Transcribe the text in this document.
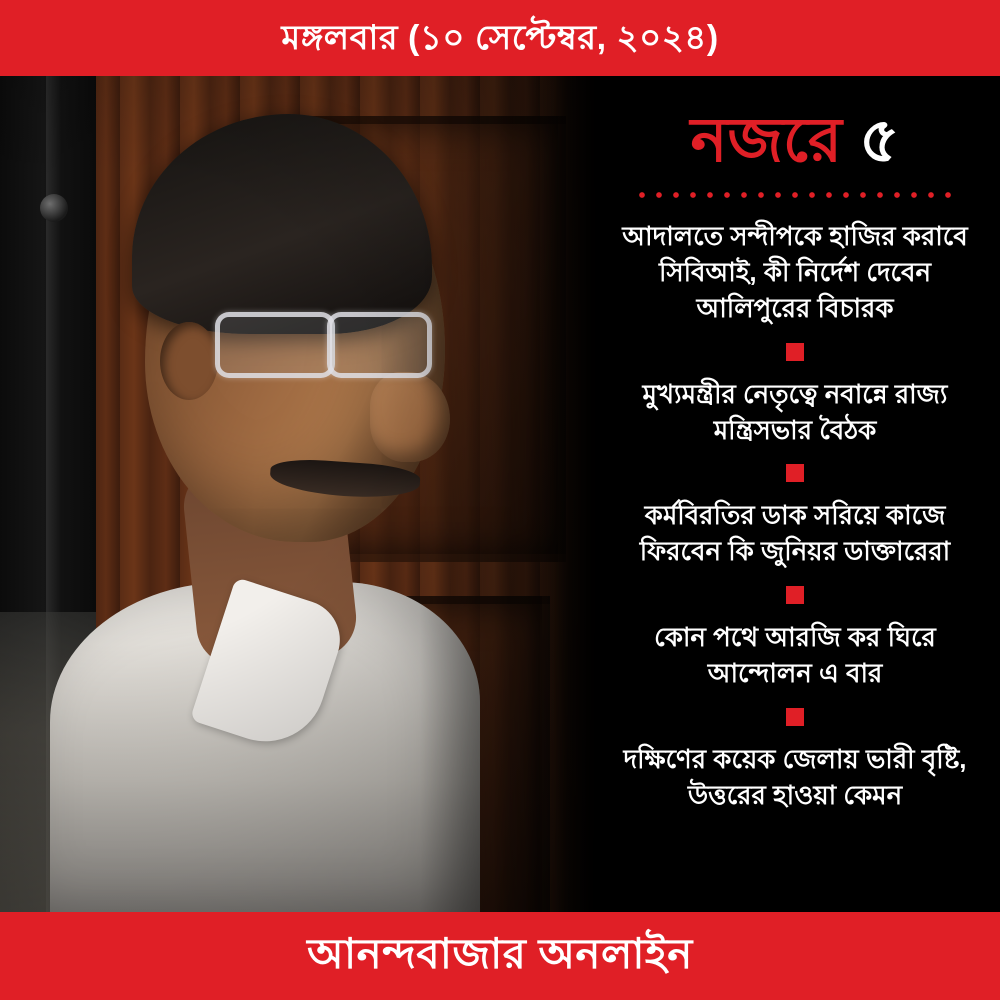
মঙ্গলবার (১০ সেপ্টেম্বর, ২০২৪)
নজরে ৫
আদালতে সন্দীপকে হাজির করাবে সিবিআই, কী নির্দেশ দেবেন আলিপুরের বিচারক
মুখ্যমন্ত্রীর নেতৃত্বে নবান্নে রাজ্য মন্ত্রিসভার বৈঠক
কর্মবিরতির ডাক সরিয়ে কাজে ফিরবেন কি জুনিয়র ডাক্তারেরা
কোন পথে আরজি কর ঘিরে আন্দোলন এ বার
দক্ষিণের কয়েক জেলায় ভারী বৃষ্টি, উত্তরের হাওয়া কেমন
আনন্দবাজার অনলাইন
